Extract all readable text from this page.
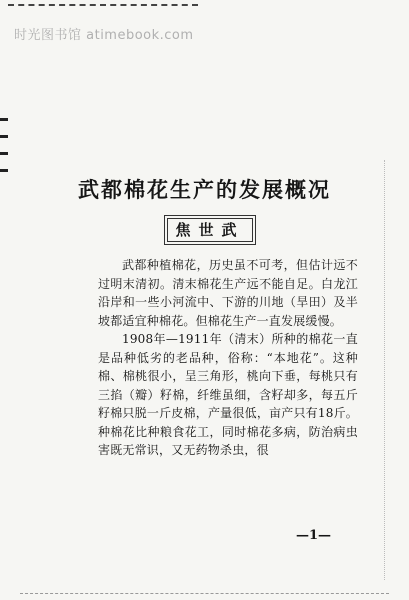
时光图书馆 atimebook.com
武都棉花生产的发展概况
焦世武

武都种植棉花，历史虽不可考，但估计远不过明末清初。清末棉花生产远不能自足。白龙江沿岸和一些小河流中、下游的川地（旱田）及半坡都适宜种棉花。但棉花生产一直发展缓慢。

1908年—1911年（清末）所种的棉花一直是品种低劣的老品种，俗称：“本地花”。这种棉、棉桃很小，呈三角形，桃向下垂，每桃只有三掐（瓣）籽棉，纤维虽细，含籽却多，每五斤籽棉只脱一斤皮棉，产量很低，亩产只有18斤。种棉花比种粮食花工，同时棉花多病，防治病虫害既无常识，又无药物杀虫，很

—1—
